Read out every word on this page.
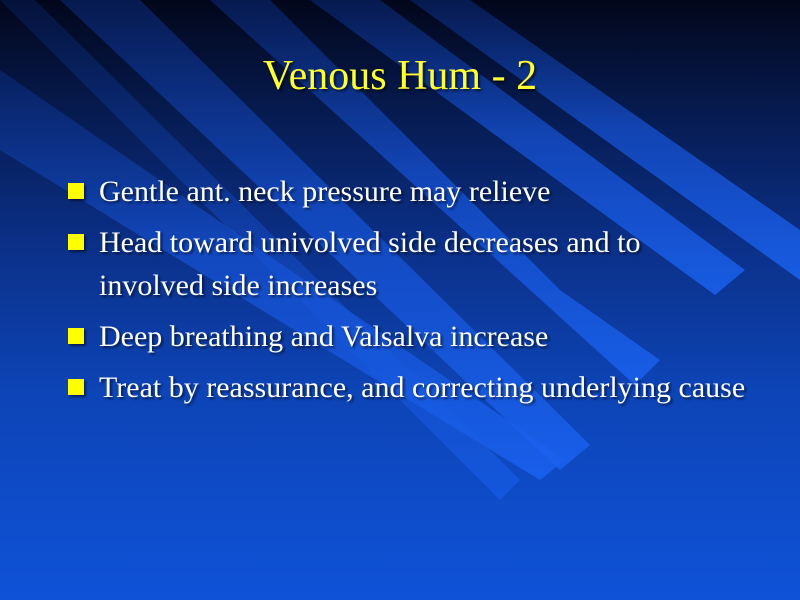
Venous Hum - 2
Gentle ant. neck pressure may relieve
Head toward univolved side decreases and to involved side increases
Deep breathing and Valsalva increase
Treat by reassurance, and correcting underlying cause
